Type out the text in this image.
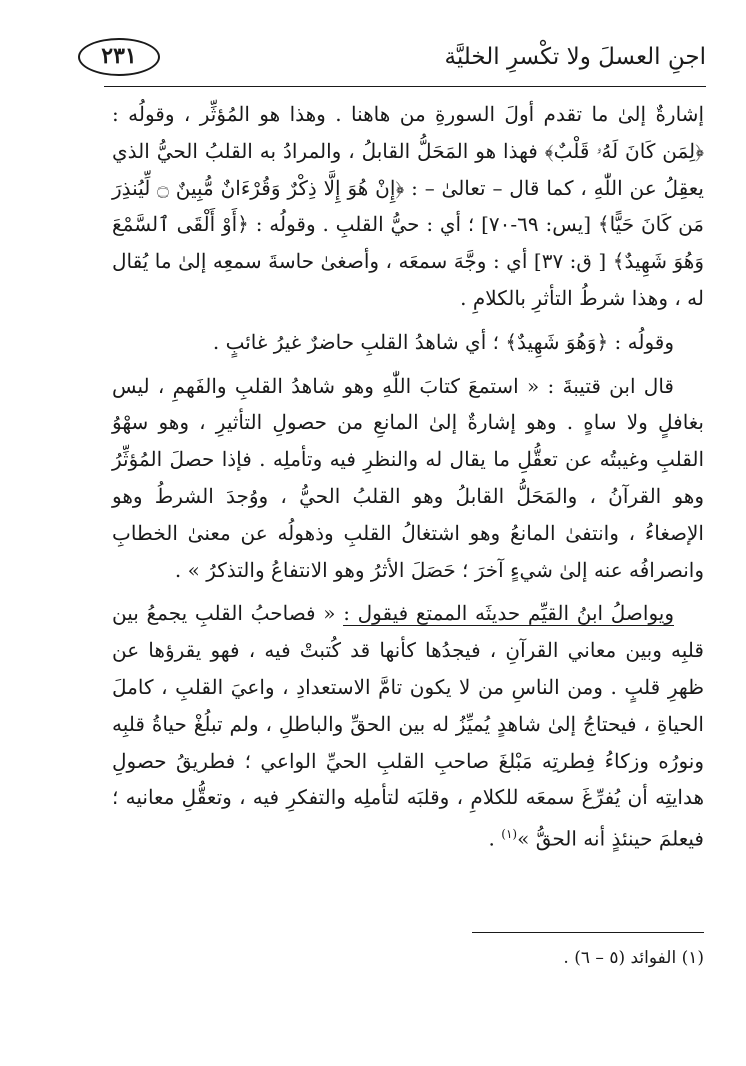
اجنِ العسلَ ولا تكْسرِ الخليَّة
٢٣١

إشارةٌ إلىٰ ما تقدم أولَ السورةِ من هاهنا . وهذا هو المُؤثِّر ، وقولُه : ﴿لِمَن كَانَ لَهُۥ قَلْبٌ﴾ فهذا هو المَحَلُّ القابلُ ، والمرادُ به القلبُ الحيُّ الذي يعقِلُ عن اللّٰهِ ، كما قال – تعالىٰ – : ﴿إِنْ هُوَ إِلَّا ذِكْرٌ وَقُرْءَانٌ مُّبِينٌ ۝ لِّيُنذِرَ مَن كَانَ حَيًّا﴾ [يس: ٦٩-٧٠] ؛ أي : حيُّ القلبِ . وقولُه : ﴿أَوْ أَلْقَى ٱلسَّمْعَ وَهُوَ شَهِيدٌ﴾ [ ق: ٣٧] أي : وجَّهَ سمعَه ، وأصغىٰ حاسةَ سمعِه إلىٰ ما يُقال له ، وهذا شرطُ التأثرِ بالكلامِ .

وقولُه : ﴿وَهُوَ شَهِيدٌ﴾ ؛ أي شاهدُ القلبِ حاضرٌ غيرُ غائبٍ .

قال ابن قتيبةَ : « استمعَ كتابَ اللّٰهِ وهو شاهدُ القلبِ والفَهمِ ، ليس بغافلٍ ولا ساهٍ . وهو إشارةٌ إلىٰ المانعِ من حصولِ التأثيرِ ، وهو سهْوُ القلبِ وغيبتُه عن تعقُّلِ ما يقال له والنظرِ فيه وتأملِه . فإذا حصلَ المُؤثِّرُ وهو القرآنُ ، والمَحَلُّ القابلُ وهو القلبُ الحيُّ ، ووُجدَ الشرطُ وهو الإصغاءُ ، وانتفىٰ المانعُ وهو اشتغالُ القلبِ وذهولُه عن معنىٰ الخطابِ وانصرافُه عنه إلىٰ شيءٍ آخرَ ؛ حَصَلَ الأثرُ وهو الانتفاعُ والتذكرُ » .

ويواصلُ ابنُ القيِّم حديثَه الممتع فيقول : « فصاحبُ القلبِ يجمعُ بين قلبِه وبين معاني القرآنِ ، فيجدُها كأنها قد كُتبتْ فيه ، فهو يقرؤها عن ظهرِ قلبٍ . ومن الناسِ من لا يكون تامَّ الاستعدادِ ، واعيَ القلبِ ، كاملَ الحياةِ ، فيحتاجُ إلىٰ شاهدٍ يُميِّزُ له بين الحقِّ والباطلِ ، ولم تبلُغْ حياةُ قلبِه ونورُه وزكاءُ فِطرتِه مَبْلغَ صاحبِ القلبِ الحيِّ الواعي ؛ فطريقُ حصولِ هدايتِه أن يُفرِّغَ سمعَه للكلامِ ، وقلبَه لتأملِه والتفكرِ فيه ، وتعقُّلِ معانيه ؛ فيعلمَ حينئذٍ أنه الحقُّ »$^{(١)}$ .

(١) الفوائد (٥ – ٦) .
